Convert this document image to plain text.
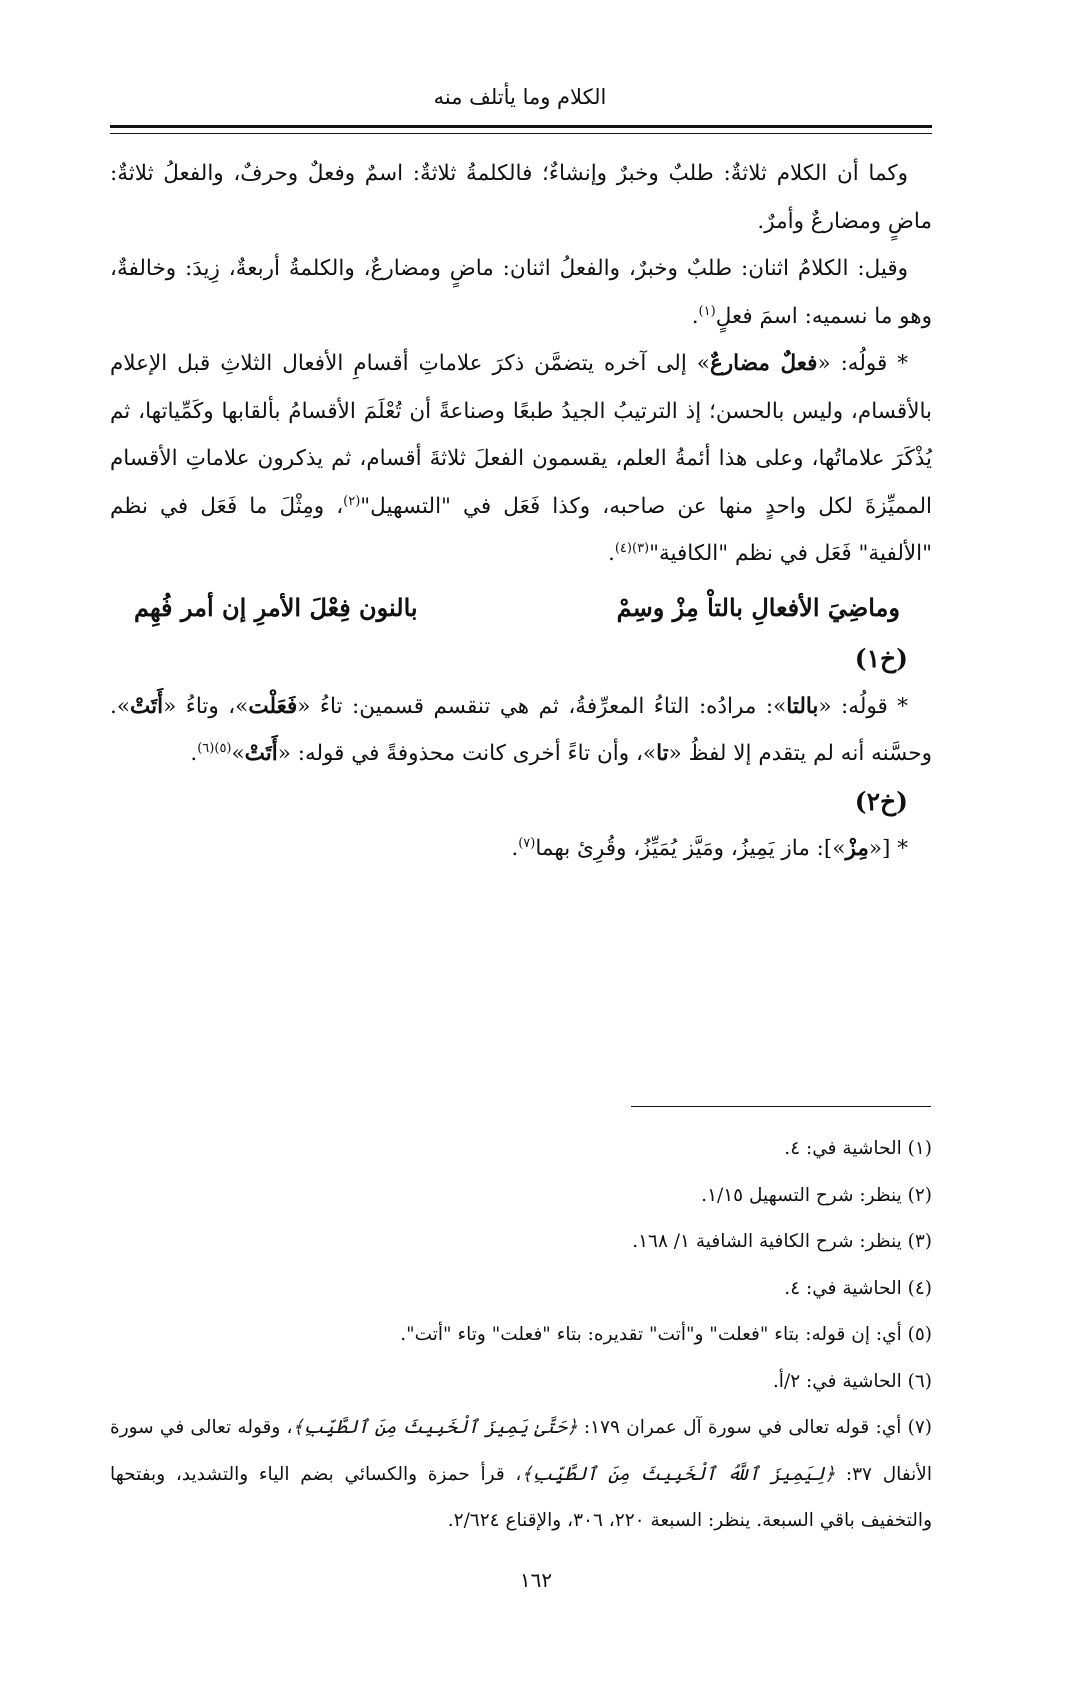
الكلام وما يأتلف منه

وكما أن الكلام ثلاثةٌ: طلبٌ وخبرٌ وإنشاءٌ؛ فالكلمةُ ثلاثةٌ: اسمٌ وفعلٌ وحرفٌ، والفعلُ ثلاثةٌ: ماضٍ ومضارعٌ وأمرٌ.

وقيل: الكلامُ اثنان: طلبٌ وخبرٌ، والفعلُ اثنان: ماضٍ ومضارعٌ، والكلمةُ أربعةٌ، زِيدَ: وخالفةٌ، وهو ما نسميه: اسمَ فعلٍ$^{(١)}$.

* قولُه: «فعلٌ مضارعٌ» إلى آخره يتضمَّن ذكرَ علاماتِ أقسامِ الأفعال الثلاثِ قبل الإعلام بالأقسام، وليس بالحسن؛ إذ الترتيبُ الجيدُ طبعًا وصناعةً أن تُعْلَمَ الأقسامُ بألقابها وكَمِّياتها، ثم يُذْكَرَ علاماتُها، وعلى هذا أئمةُ العلم، يقسمون الفعلَ ثلاثةَ أقسام، ثم يذكرون علاماتِ الأقسام المميِّزةَ لكل واحدٍ منها عن صاحبه، وكذا فَعَل في "التسهيل"$^{(٢)}$، ومِثْلَ ما فَعَل في نظم "الألفية" فَعَل في نظم "الكافية"$^{(٣)(٤)}$.

وماضِيَ الأفعالِ بالتاْ مِزْ وسِمْ
بالنون فِعْلَ الأمرِ إن أمر فُهِم

(خ١)

* قولُه: «بالتا»: مرادُه: التاءُ المعرِّفةُ، ثم هي تنقسم قسمين: تاءُ «فَعَلْت»، وتاءُ «أَتَتْ». وحسَّنه أنه لم يتقدم إلا لفظُ «تا»، وأن تاءً أخرى كانت محذوفةً في قوله: «أَتَتْ»$^{(٥)(٦)}$.

(خ٢)

* [«مِزْ»]: ماز يَمِيزُ، ومَيَّز يُمَيِّزُ، وقُرِئ بهما$^{(٧)}$.

(١) الحاشية في: ٤.

(٢) ينظر: شرح التسهيل ١/١٥.

(٣) ينظر: شرح الكافية الشافية ١/ ١٦٨.

(٤) الحاشية في: ٤.

(٥) أي: إن قوله: بتاء "فعلت" و"أتت" تقديره: بتاء "فعلت" وتاء "أتت".

(٦) الحاشية في: ٢/أ.

(٧) أي: قوله تعالى في سورة آل عمران ١٧٩: ﴿حَتَّىٰ يَمِيزَ ٱلْخَبِيثَ مِنَ ٱلطَّيِّبِ﴾، وقوله تعالى في سورة الأنفال ٣٧: ﴿لِيَمِيزَ ٱللَّهُ ٱلْخَبِيثَ مِنَ ٱلطَّيِّبِ﴾، قرأ حمزة والكسائي بضم الياء والتشديد، وبفتحها والتخفيف باقي السبعة. ينظر: السبعة ٢٢٠، ٣٠٦، والإقناع ٢/٦٢٤.

١٦٢
